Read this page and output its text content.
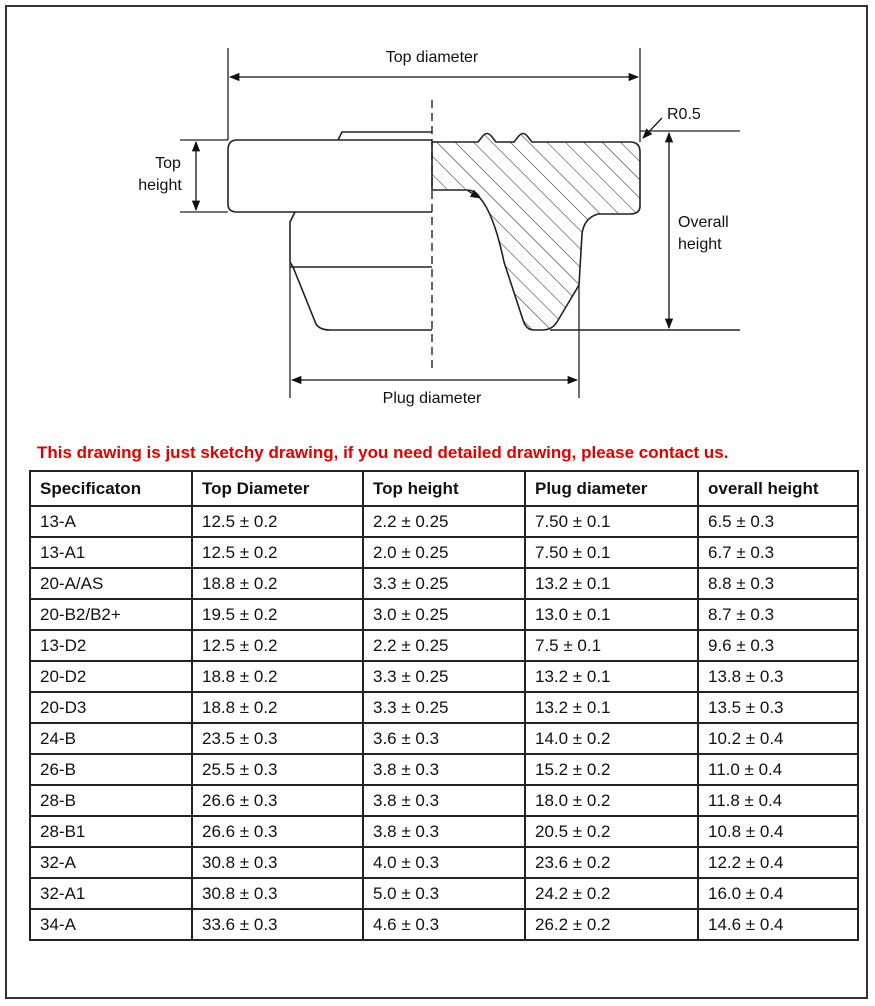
Top diameter
R0.5
Top
height
Overall
height
Plug diameter
This drawing is just sketchy drawing, if you need detailed drawing, please contact us.
Specificaton	Top Diameter	Top height	Plug diameter	overall height
13-A	12.5 ± 0.2	2.2 ± 0.25	7.50 ± 0.1	6.5 ± 0.3
13-A1	12.5 ± 0.2	2.0 ± 0.25	7.50 ± 0.1	6.7 ± 0.3
20-A/AS	18.8 ± 0.2	3.3 ± 0.25	13.2 ± 0.1	8.8 ± 0.3
20-B2/B2+	19.5 ± 0.2	3.0 ± 0.25	13.0 ± 0.1	8.7 ± 0.3
13-D2	12.5 ± 0.2	2.2 ± 0.25	7.5 ± 0.1	9.6 ± 0.3
20-D2	18.8 ± 0.2	3.3 ± 0.25	13.2 ± 0.1	13.8 ± 0.3
20-D3	18.8 ± 0.2	3.3 ± 0.25	13.2 ± 0.1	13.5 ± 0.3
24-B	23.5 ± 0.3	3.6 ± 0.3	14.0 ± 0.2	10.2 ± 0.4
26-B	25.5 ± 0.3	3.8 ± 0.3	15.2 ± 0.2	11.0 ± 0.4
28-B	26.6 ± 0.3	3.8 ± 0.3	18.0 ± 0.2	11.8 ± 0.4
28-B1	26.6 ± 0.3	3.8 ± 0.3	20.5 ± 0.2	10.8 ± 0.4
32-A	30.8 ± 0.3	4.0 ± 0.3	23.6 ± 0.2	12.2 ± 0.4
32-A1	30.8 ± 0.3	5.0 ± 0.3	24.2 ± 0.2	16.0 ± 0.4
34-A	33.6 ± 0.3	4.6 ± 0.3	26.2 ± 0.2	14.6 ± 0.4
